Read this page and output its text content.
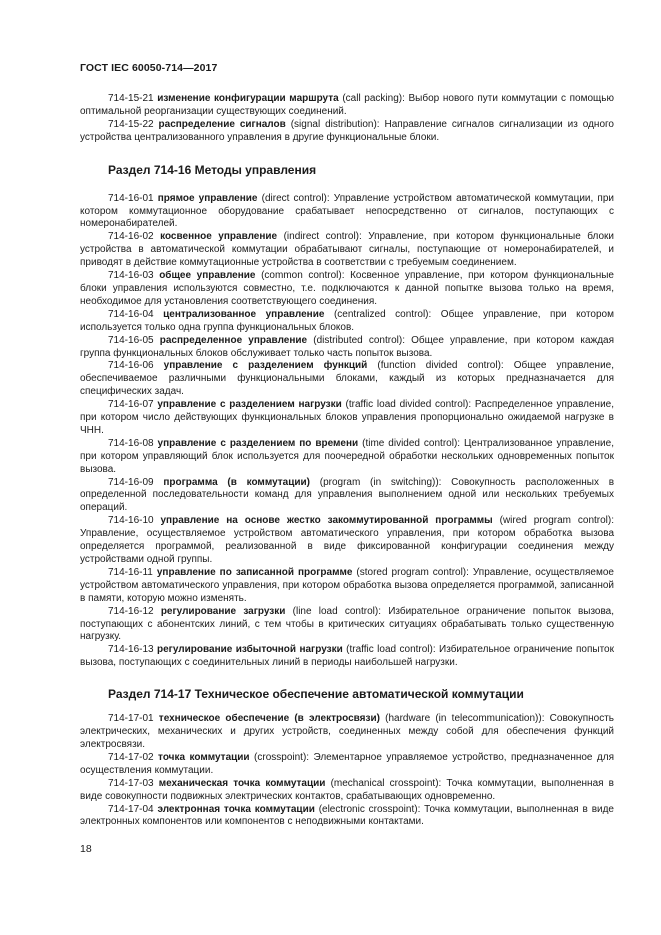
ГОСТ IEC 60050-714—2017

714-15-21 изменение конфигурации маршрута (call packing): Выбор нового пути коммутации с помощью оптимальной реорганизации существующих соединений.

714-15-22 распределение сигналов (signal distribution): Направление сигналов сигнализации из одного устройства централизованного управления в другие функциональные блоки.

Раздел 714-16 Методы управления

714-16-01 прямое управление (direct control): Управление устройством автоматической коммутации, при котором коммутационное оборудование срабатывает непосредственно от сигналов, поступающих с номеронабирателей.

714-16-02 косвенное управление (indirect control): Управление, при котором функциональные блоки устройства в автоматической коммутации обрабатывают сигналы, поступающие от номеронабирателей, и приводят в действие коммутационные устройства в соответствии с требуемым соединением.

714-16-03 общее управление (common control): Косвенное управление, при котором функциональные блоки управления используются совместно, т.е. подключаются к данной попытке вызова только на время, необходимое для установления соответствующего соединения.

714-16-04 централизованное управление (centralized control): Общее управление, при котором используется только одна группа функциональных блоков.

714-16-05 распределенное управление (distributed control): Общее управление, при котором каждая группа функциональных блоков обслуживает только часть попыток вызова.

714-16-06 управление с разделением функций (function divided control): Общее управление, обеспечиваемое различными функциональными блоками, каждый из которых предназначается для специфических задач.

714-16-07 управление с разделением нагрузки (traffic load divided control): Распределенное управление, при котором число действующих функциональных блоков управления пропорционально ожидаемой нагрузке в ЧНН.

714-16-08 управление с разделением по времени (time divided control): Централизованное управление, при котором управляющий блок используется для поочередной обработки нескольких одновременных попыток вызова.

714-16-09 программа (в коммутации) (program (in switching)): Совокупность расположенных в определенной последовательности команд для управления выполнением одной или нескольких требуемых операций.

714-16-10 управление на основе жестко закоммутированной программы (wired program control): Управление, осуществляемое устройством автоматического управления, при котором обработка вызова определяется программой, реализованной в виде фиксированной конфигурации соединения между устройствами одной группы.

714-16-11 управление по записанной программе (stored program control): Управление, осуществляемое устройством автоматического управления, при котором обработка вызова определяется программой, записанной в памяти, которую можно изменять.

714-16-12 регулирование загрузки (line load control): Избирательное ограничение попыток вызова, поступающих с абонентских линий, с тем чтобы в критических ситуациях обрабатывать только существенную нагрузку.

714-16-13 регулирование избыточной нагрузки (traffic load control): Избирательное ограничение попыток вызова, поступающих с соединительных линий в периоды наибольшей нагрузки.

Раздел 714-17 Техническое обеспечение автоматической коммутации

714-17-01 техническое обеспечение (в электросвязи) (hardware (in telecommunication)): Совокупность электрических, механических и других устройств, соединенных между собой для обеспечения функций электросвязи.

714-17-02 точка коммутации (crosspoint): Элементарное управляемое устройство, предназначенное для осуществления коммутации.

714-17-03 механическая точка коммутации (mechanical crosspoint): Точка коммутации, выполненная в виде совокупности подвижных электрических контактов, срабатывающих одновременно.

714-17-04 электронная точка коммутации (electronic crosspoint): Точка коммутации, выполненная в виде электронных компонентов или компонентов с неподвижными контактами.

18
